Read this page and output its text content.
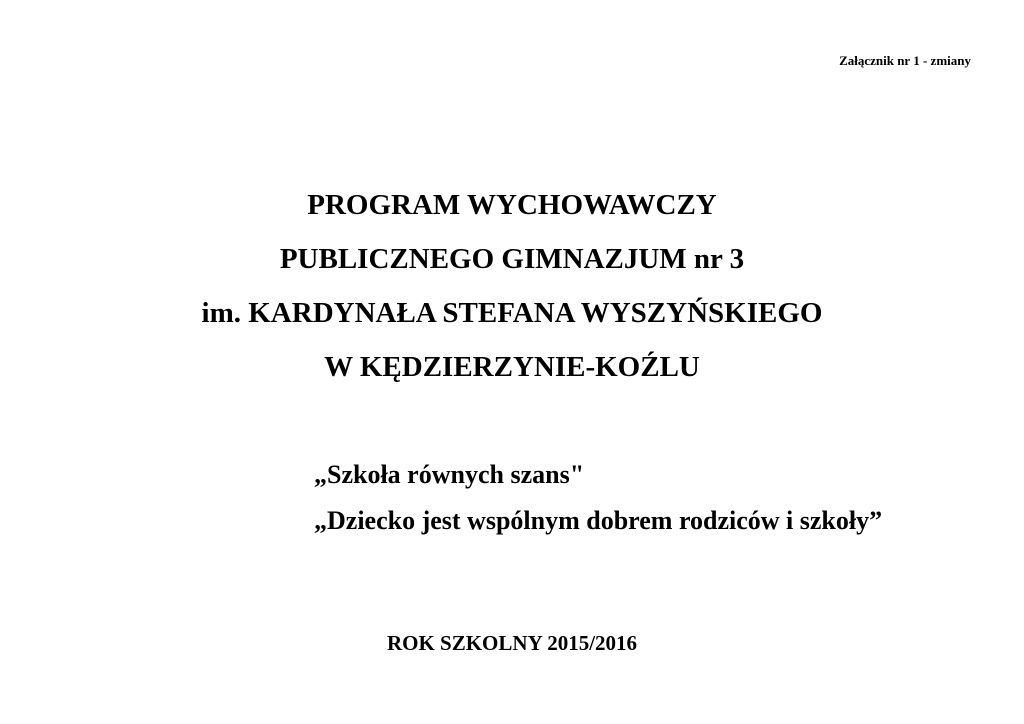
Załącznik nr 1 - zmiany
PROGRAM WYCHOWAWCZY
PUBLICZNEGO GIMNAZJUM nr 3
im. KARDYNAŁA STEFANA WYSZYŃSKIEGO
W KĘDZIERZYNIE-KOŹLU
„Szkoła równych szans"
„Dziecko jest wspólnym dobrem rodziców i szkoły”
ROK SZKOLNY 2015/2016
